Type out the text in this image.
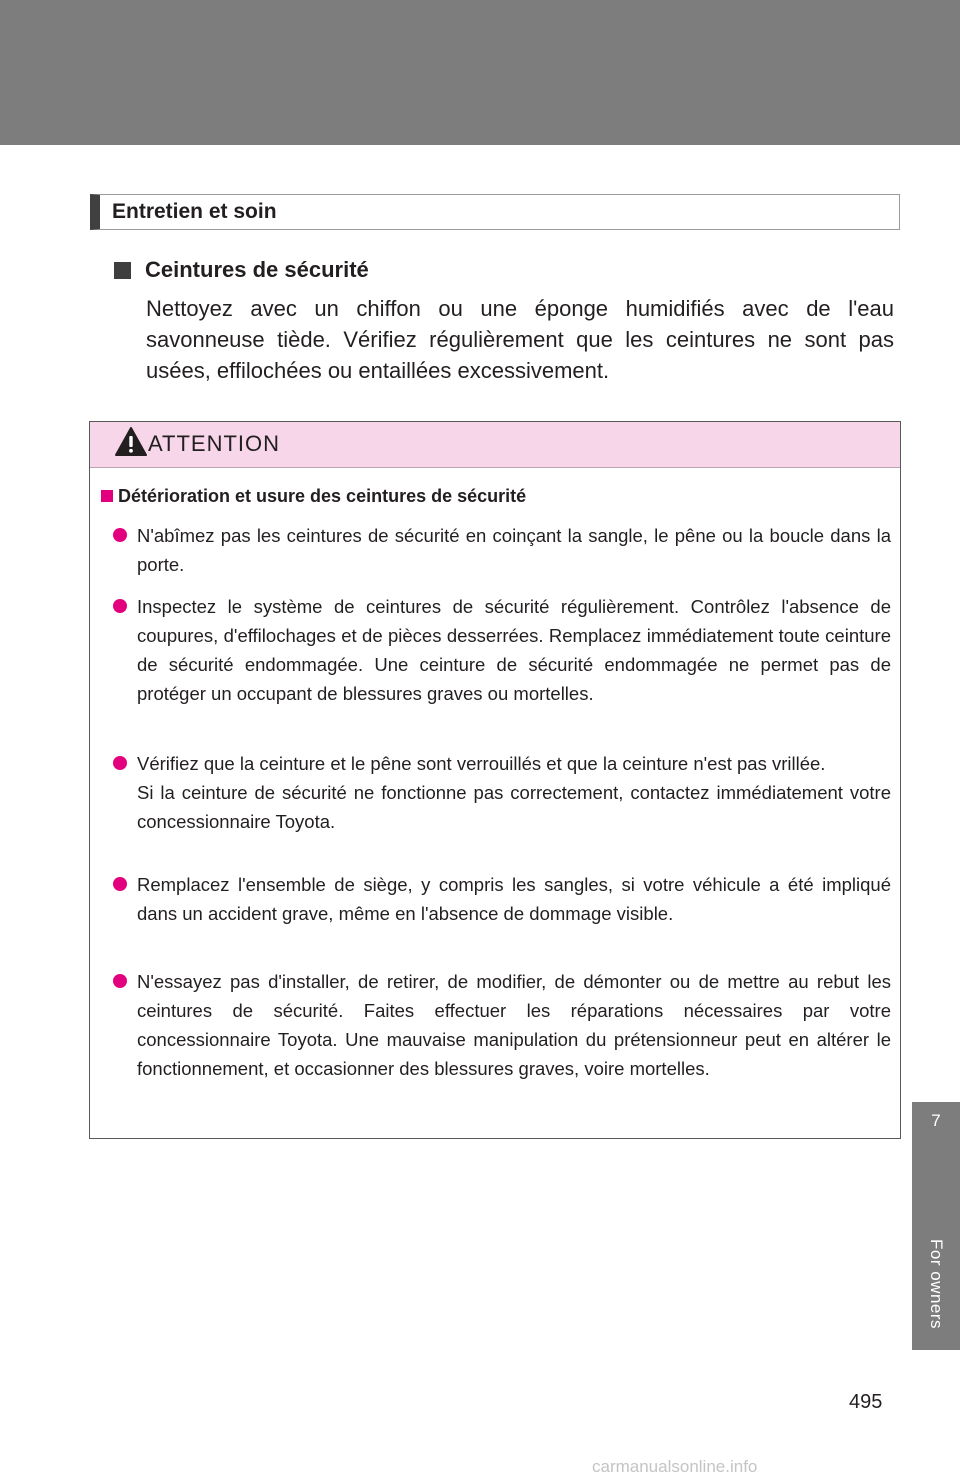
Entretien et soin
Ceintures de sécurité
Nettoyez avec un chiffon ou une éponge humidifiés avec de l'eau savonneuse tiède. Vérifiez régulièrement que les ceintures ne sont pas usées, effilochées ou entaillées excessivement.
ATTENTION
Détérioration et usure des ceintures de sécurité
N'abîmez pas les ceintures de sécurité en coinçant la sangle, le pêne ou la boucle dans la porte.
Inspectez le système de ceintures de sécurité régulièrement. Contrôlez l'absence de coupures, d'effilochages et de pièces desserrées. Remplacez immédiatement toute ceinture de sécurité endommagée. Une ceinture de sécurité endommagée ne permet pas de protéger un occupant de blessures graves ou mortelles.
Vérifiez que la ceinture et le pêne sont verrouillés et que la ceinture n'est pas vrillée.
Si la ceinture de sécurité ne fonctionne pas correctement, contactez immédiatement votre concessionnaire Toyota.
Remplacez l'ensemble de siège, y compris les sangles, si votre véhicule a été impliqué dans un accident grave, même en l'absence de dommage visible.
N'essayez pas d'installer, de retirer, de modifier, de démonter ou de mettre au rebut les ceintures de sécurité. Faites effectuer les réparations nécessaires par votre concessionnaire Toyota. Une mauvaise manipulation du prétensionneur peut en altérer le fonctionnement, et occasionner des blessures graves, voire mortelles.
7
For owners
495
carmanualsonline.info
